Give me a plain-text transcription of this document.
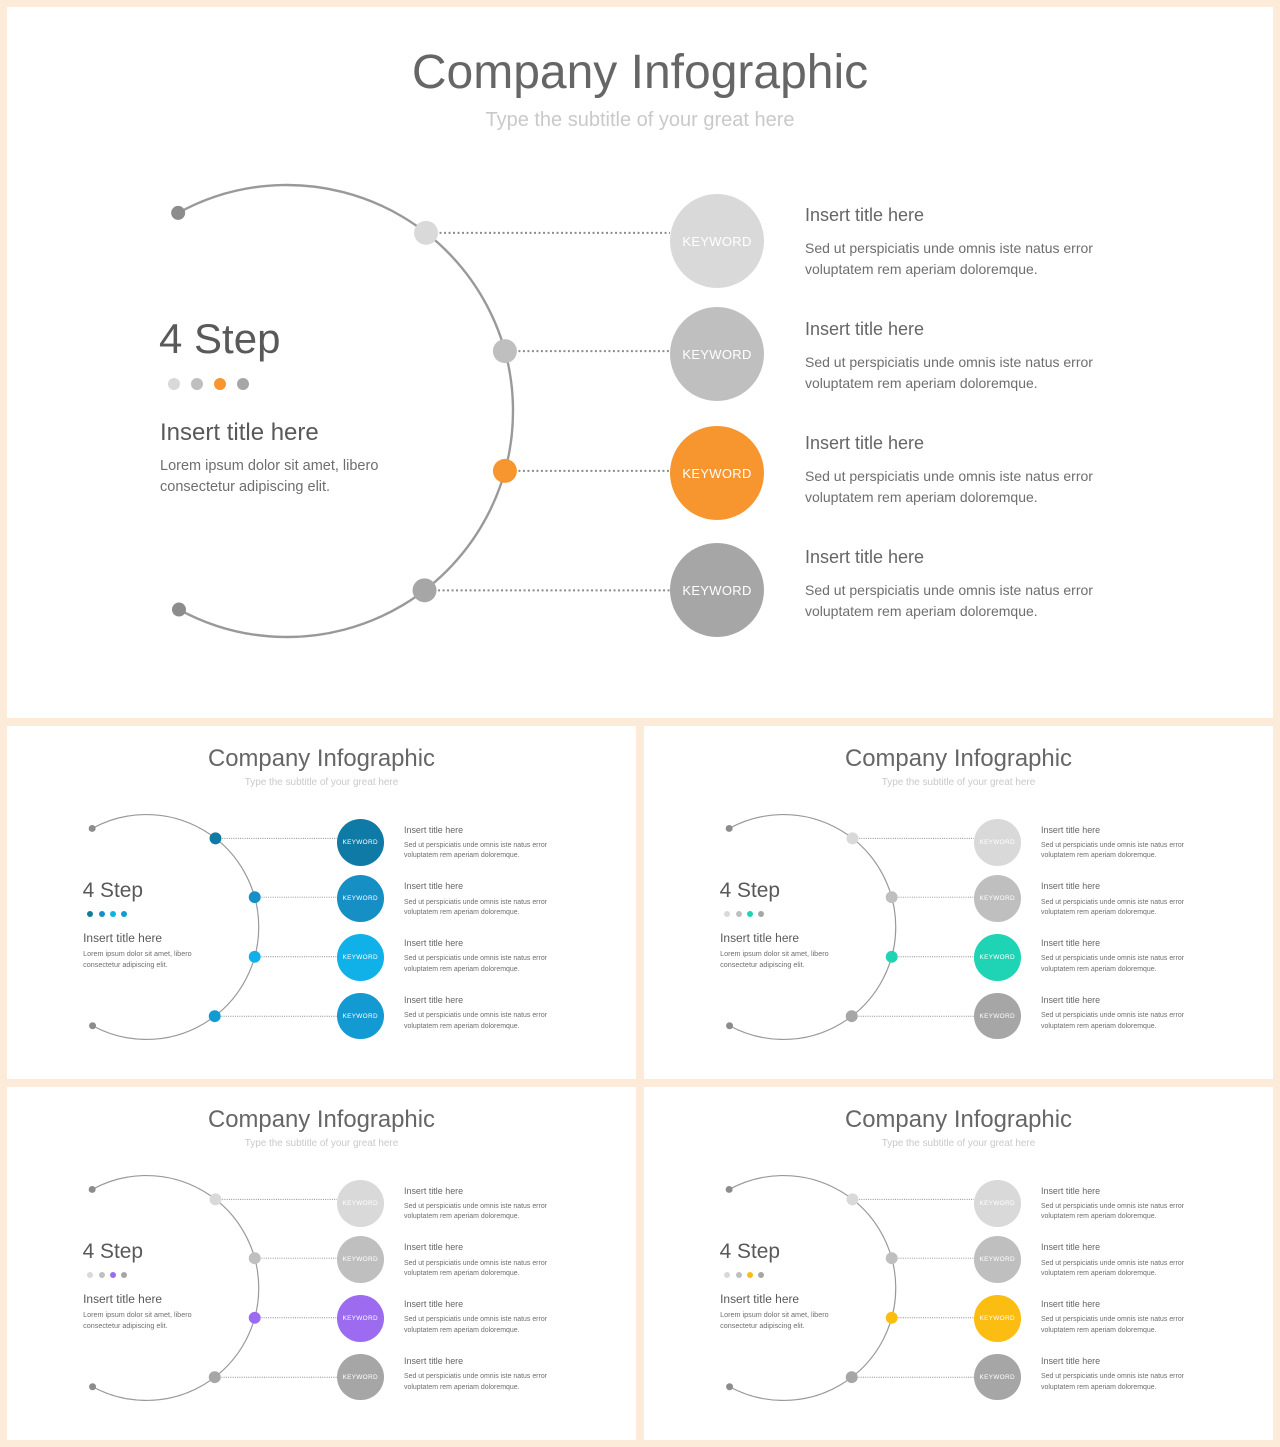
Company Infographic
Type the subtitle of your great here
4 Step
Insert title here
Lorem ipsum dolor sit amet, libero consectetur adipiscing elit.
KEYWORD
Insert title here
Sed ut perspiciatis unde omnis iste natus error voluptatem rem aperiam doloremque.
KEYWORD
Insert title here
Sed ut perspiciatis unde omnis iste natus error voluptatem rem aperiam doloremque.
KEYWORD
Insert title here
Sed ut perspiciatis unde omnis iste natus error voluptatem rem aperiam doloremque.
KEYWORD
Insert title here
Sed ut perspiciatis unde omnis iste natus error voluptatem rem aperiam doloremque.
Company Infographic
Type the subtitle of your great here
4 Step
Insert title here
Lorem ipsum dolor sit amet, libero consectetur adipiscing elit.
KEYWORD
Insert title here
Sed ut perspiciatis unde omnis iste natus error voluptatem rem aperiam doloremque.
KEYWORD
Insert title here
Sed ut perspiciatis unde omnis iste natus error voluptatem rem aperiam doloremque.
KEYWORD
Insert title here
Sed ut perspiciatis unde omnis iste natus error voluptatem rem aperiam doloremque.
KEYWORD
Insert title here
Sed ut perspiciatis unde omnis iste natus error voluptatem rem aperiam doloremque.
Company Infographic
Type the subtitle of your great here
4 Step
Insert title here
Lorem ipsum dolor sit amet, libero consectetur adipiscing elit.
KEYWORD
Insert title here
Sed ut perspiciatis unde omnis iste natus error voluptatem rem aperiam doloremque.
KEYWORD
Insert title here
Sed ut perspiciatis unde omnis iste natus error voluptatem rem aperiam doloremque.
KEYWORD
Insert title here
Sed ut perspiciatis unde omnis iste natus error voluptatem rem aperiam doloremque.
KEYWORD
Insert title here
Sed ut perspiciatis unde omnis iste natus error voluptatem rem aperiam doloremque.
Company Infographic
Type the subtitle of your great here
4 Step
Insert title here
Lorem ipsum dolor sit amet, libero consectetur adipiscing elit.
KEYWORD
Insert title here
Sed ut perspiciatis unde omnis iste natus error voluptatem rem aperiam doloremque.
KEYWORD
Insert title here
Sed ut perspiciatis unde omnis iste natus error voluptatem rem aperiam doloremque.
KEYWORD
Insert title here
Sed ut perspiciatis unde omnis iste natus error voluptatem rem aperiam doloremque.
KEYWORD
Insert title here
Sed ut perspiciatis unde omnis iste natus error voluptatem rem aperiam doloremque.
Company Infographic
Type the subtitle of your great here
4 Step
Insert title here
Lorem ipsum dolor sit amet, libero consectetur adipiscing elit.
KEYWORD
Insert title here
Sed ut perspiciatis unde omnis iste natus error voluptatem rem aperiam doloremque.
KEYWORD
Insert title here
Sed ut perspiciatis unde omnis iste natus error voluptatem rem aperiam doloremque.
KEYWORD
Insert title here
Sed ut perspiciatis unde omnis iste natus error voluptatem rem aperiam doloremque.
KEYWORD
Insert title here
Sed ut perspiciatis unde omnis iste natus error voluptatem rem aperiam doloremque.
